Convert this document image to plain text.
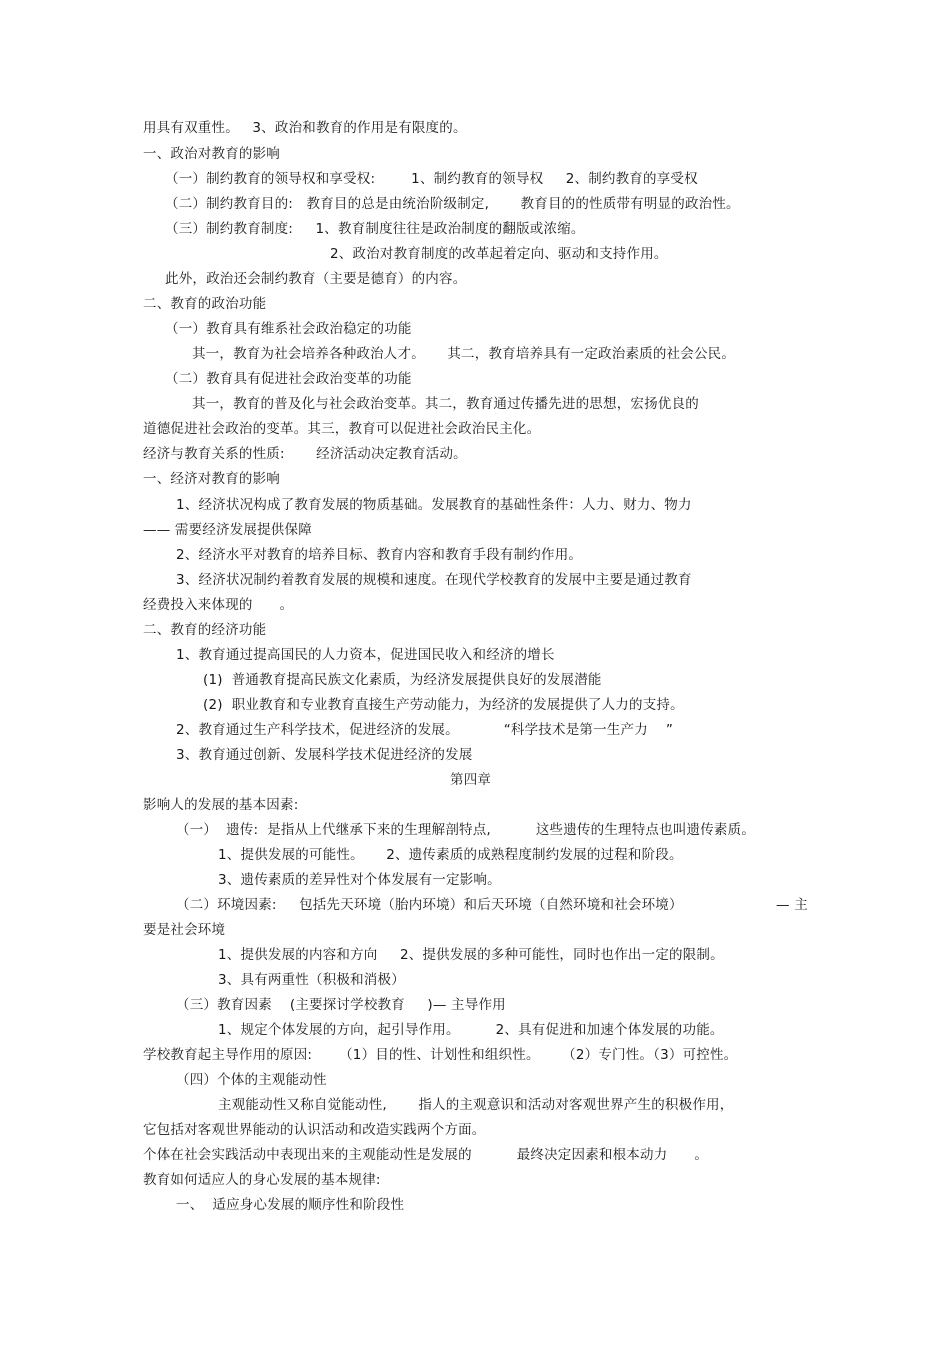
用具有双重性。   3、政治和教育的作用是有限度的。
一、政治对教育的影响
（一）制约教育的领导权和享受权:        1、制约教育的领导权     2、制约教育的享受权
（二）制约教育目的:   教育目的总是由统治阶级制定,       教育目的的性质带有明显的政治性。
（三）制约教育制度:     1、教育制度往往是政治制度的翻版或浓缩。
2、政治对教育制度的改革起着定向、驱动和支持作用。
此外，政治还会制约教育（主要是德育）的内容。
二、教育的政治功能
（一）教育具有维系社会政治稳定的功能
其一，教育为社会培养各种政治人才。     其二，教育培养具有一定政治素质的社会公民。
（二）教育具有促进社会政治变革的功能
其一，教育的普及化与社会政治变革。其二，教育通过传播先进的思想，宏扬优良的
道德促进社会政治的变革。其三，教育可以促进社会政治民主化。
经济与教育关系的性质:       经济活动决定教育活动。
一、经济对教育的影响
1、经济状况构成了教育发展的物质基础。发展教育的基础性条件：人力、财力、物力
—— 需要经济发展提供保障
2、经济水平对教育的培养目标、教育内容和教育手段有制约作用。
3、经济状况制约着教育发展的规模和速度。在现代学校教育的发展中主要是通过教育
经费投入来体现的      。
二、教育的经济功能
1、教育通过提高国民的人力资本，促进国民收入和经济的增长
(1)  普通教育提高民族文化素质，为经济发展提供良好的发展潜能
(2)  职业教育和专业教育直接生产劳动能力，为经济的发展提供了人力的支持。
2、教育通过生产科学技术，促进经济的发展。          “科学技术是第一生产力    ”
3、教育通过创新、发展科学技术促进经济的发展
第四章
影响人的发展的基本因素:
（一）  遗传:  是指从上代继承下来的生理解剖特点,          这些遗传的生理特点也叫遗传素质。
1、提供发展的可能性。     2、遗传素质的成熟程度制约发展的过程和阶段。
3、遗传素质的差异性对个体发展有一定影响。
（二）环境因素:     包括先天环境（胎内环境）和后天环境（自然环境和社会环境）	— 主
要是社会环境
1、提供发展的内容和方向     2、提供发展的多种可能性，同时也作出一定的限制。
3、具有两重性（积极和消极）
（三）教育因素    (主要探讨学校教育     )— 主导作用
1、规定个体发展的方向，起引导作用。        2、具有促进和加速个体发展的功能。
学校教育起主导作用的原因:      （1）目的性、计划性和组织性。     （2）专门性。（3）可控性。
（四）个体的主观能动性
主观能动性又称自觉能动性,       指人的主观意识和活动对客观世界产生的积极作用，
它包括对客观世界能动的认识活动和改造实践两个方面。
个体在社会实践活动中表现出来的主观能动性是发展的          最终决定因素和根本动力      。
教育如何适应人的身心发展的基本规律:
一、  适应身心发展的顺序性和阶段性
